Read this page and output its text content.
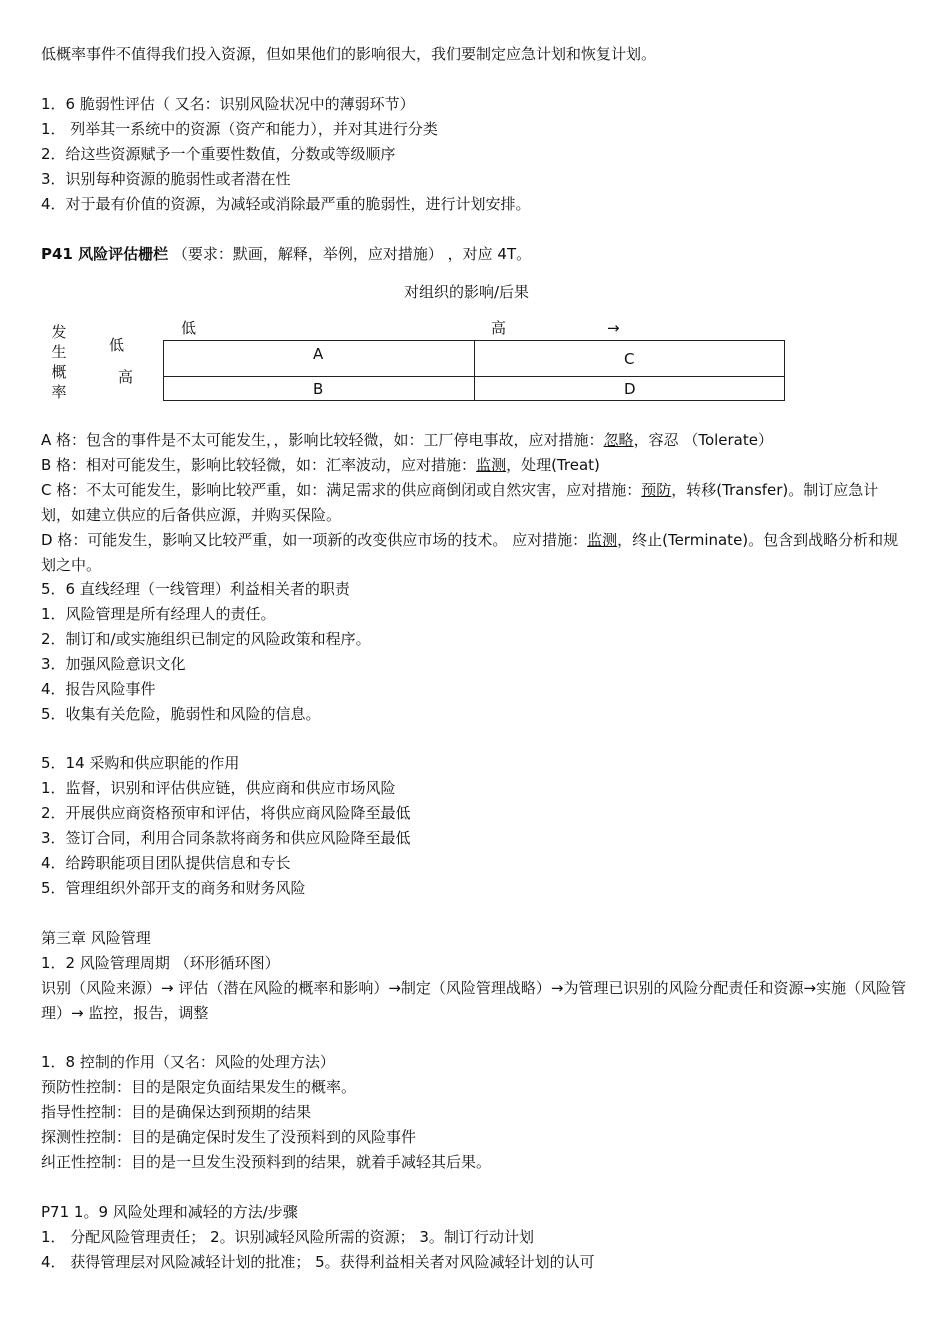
低概率事件不值得我们投入资源，但如果他们的影响很大，我们要制定应急计划和恢复计划。
1．6 脆弱性评估（ 又名：识别风险状况中的薄弱环节）
1． 列举其一系统中的资源（资产和能力），并对其进行分类
2．给这些资源赋予一个重要性数值，分数或等级顺序
3．识别每种资源的脆弱性或者潜在性
4．对于最有价值的资源，为减轻或消除最严重的脆弱性，进行计划安排。
P41 风险评估栅栏 （要求：默画，解释，举例，应对措施） ，对应 4T。
对组织的影响/后果
低	高	→
发
生
概
率
低
高
A	C
B	D
A 格：包含的事件是不太可能发生，，影响比较轻微，如：工厂停电事故，应对措施：忽略，容忍 （Tolerate）
B 格：相对可能发生，影响比较轻微，如：汇率波动，应对措施：监测，处理(Treat)
C 格：不太可能发生，影响比较严重，如：满足需求的供应商倒闭或自然灾害，应对措施：预防，转移(Transfer)。制订应急计划，如建立供应的后备供应源，并购买保险。
D 格：可能发生，影响又比较严重，如一项新的改变供应市场的技术。 应对措施：监测，终止(Terminate)。包含到战略分析和规划之中。
5．6 直线经理（一线管理）利益相关者的职责
1．风险管理是所有经理人的责任。
2．制订和/或实施组织已制定的风险政策和程序。
3．加强风险意识文化
4．报告风险事件
5．收集有关危险，脆弱性和风险的信息。
5．14 采购和供应职能的作用
1．监督，识别和评估供应链，供应商和供应市场风险
2．开展供应商资格预审和评估，将供应商风险降至最低
3．签订合同，利用合同条款将商务和供应风险降至最低
4．给跨职能项目团队提供信息和专长
5．管理组织外部开支的商务和财务风险
第三章 风险管理
1．2 风险管理周期 （环形循环图）
识别（风险来源）→ 评估（潜在风险的概率和影响）→制定（风险管理战略）→为管理已识别的风险分配责任和资源→实施（风险管理）→ 监控，报告，调整
1．8 控制的作用（又名：风险的处理方法）
预防性控制：目的是限定负面结果发生的概率。
指导性控制：目的是确保达到预期的结果
探测性控制：目的是确定保时发生了没预料到的风险事件
纠正性控制：目的是一旦发生没预料到的结果，就着手减轻其后果。
P71 1。9 风险处理和减轻的方法/步骤
1． 分配风险管理责任； 2。识别减轻风险所需的资源； 3。制订行动计划
4． 获得管理层对风险减轻计划的批准； 5。获得利益相关者对风险减轻计划的认可
